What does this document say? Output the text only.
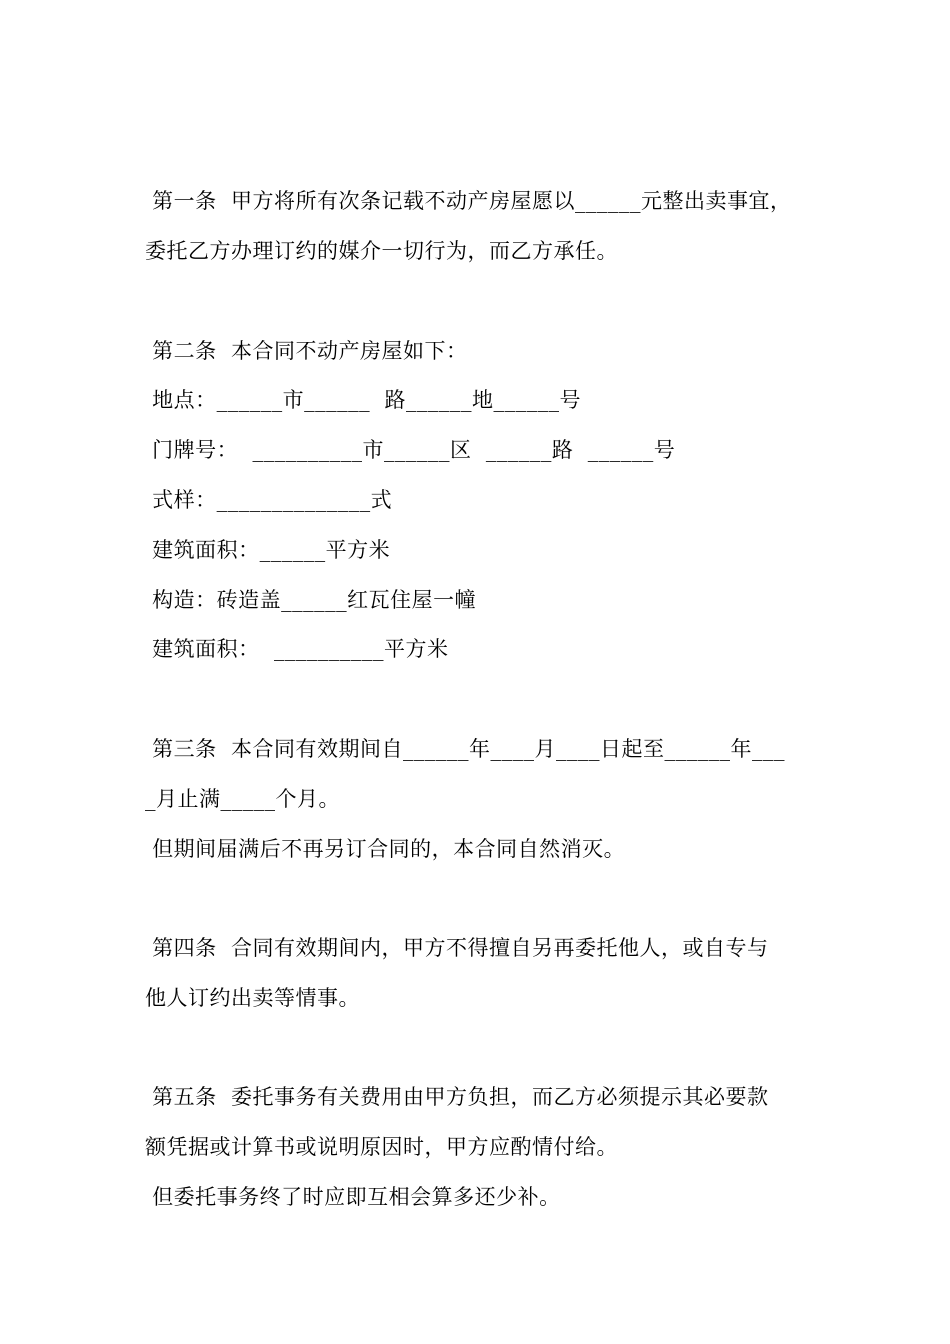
第一条  甲方将所有次条记载不动产房屋愿以______元整出卖事宜，
委托乙方办理订约的媒介一切行为，而乙方承任。
第二条  本合同不动产房屋如下：
地点：______市______  路______地______号
门牌号：  __________市______区  ______路  ______号
式样：______________式
建筑面积：______平方米
构造：砖造盖______红瓦住屋一幢
建筑面积：  __________平方米
第三条  本合同有效期间自______年____月____日起至______年___
_月止满_____个月。
但期间届满后不再另订合同的，本合同自然消灭。
第四条  合同有效期间内，甲方不得擅自另再委托他人，或自专与
他人订约出卖等情事。
第五条  委托事务有关费用由甲方负担，而乙方必须提示其必要款
额凭据或计算书或说明原因时，甲方应酌情付给。
但委托事务终了时应即互相会算多还少补。
